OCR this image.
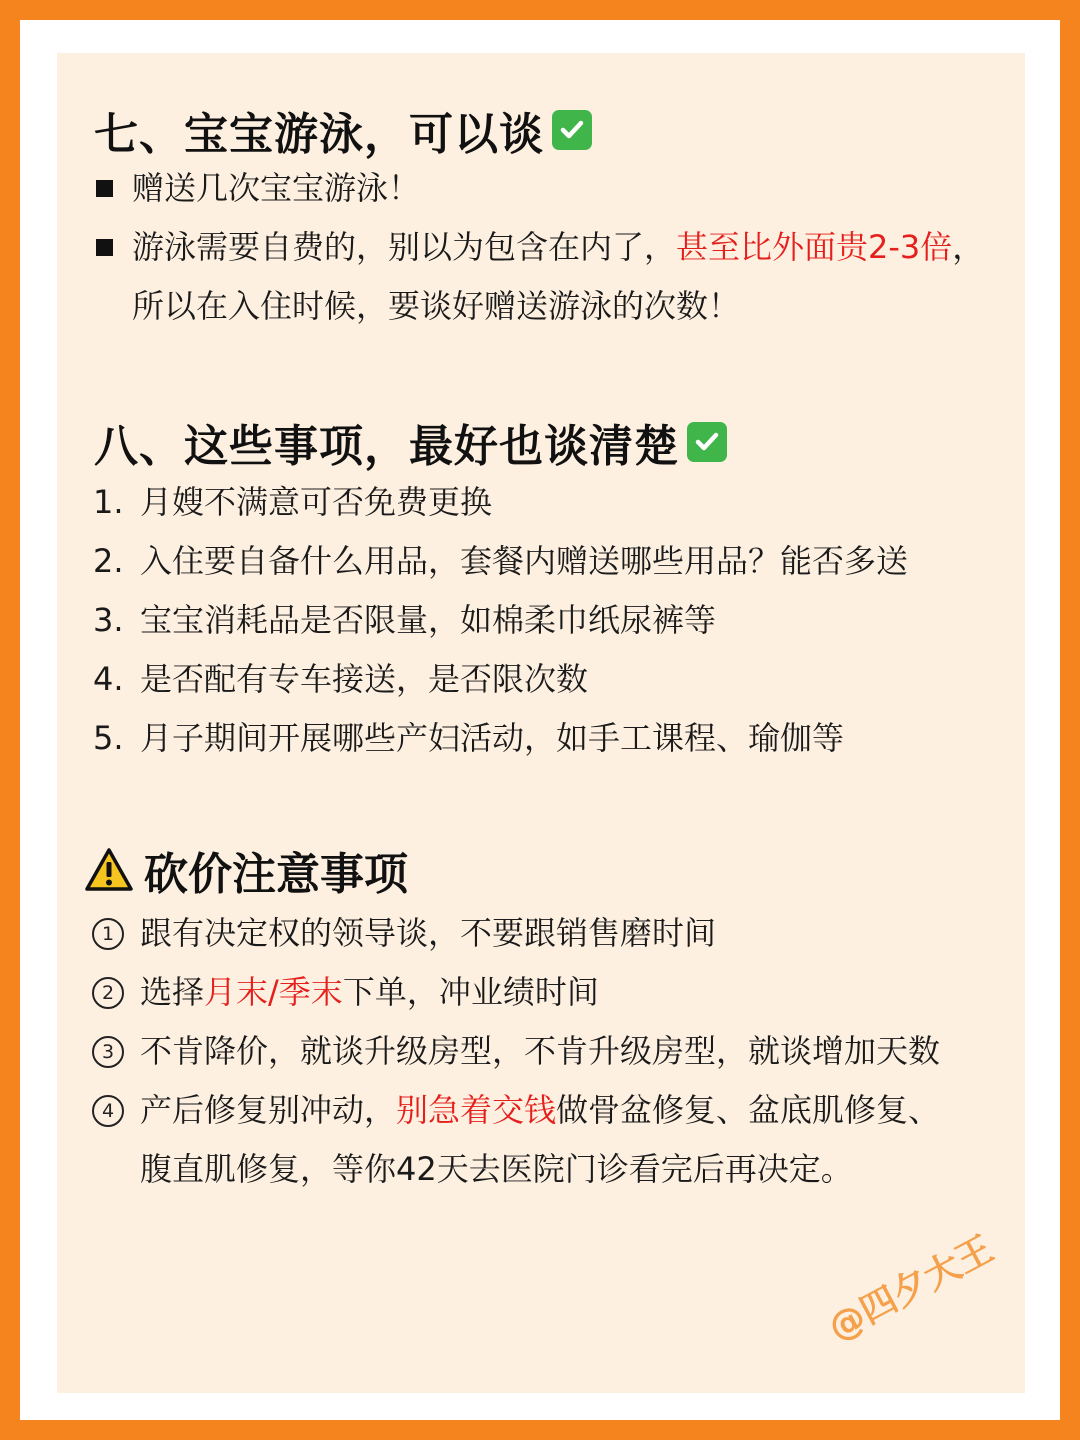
七、宝宝游泳，可以谈
赠送几次宝宝游泳！
游泳需要自费的，别以为包含在内了，甚至比外面贵2-3倍，
所以在入住时候，要谈好赠送游泳的次数！
八、这些事项，最好也谈清楚
1. 月嫂不满意可否免费更换
2. 入住要自备什么用品，套餐内赠送哪些用品？能否多送
3. 宝宝消耗品是否限量，如棉柔巾纸尿裤等
4. 是否配有专车接送，是否限次数
5. 月子期间开展哪些产妇活动，如手工课程、瑜伽等
砍价注意事项
1 跟有决定权的领导谈，不要跟销售磨时间
2 选择月末/季末下单，冲业绩时间
3 不肯降价，就谈升级房型，不肯升级房型，就谈增加天数
4 产后修复别冲动，别急着交钱做骨盆修复、盆底肌修复、
腹直肌修复，等你42天去医院门诊看完后再决定。
@四夕大王
